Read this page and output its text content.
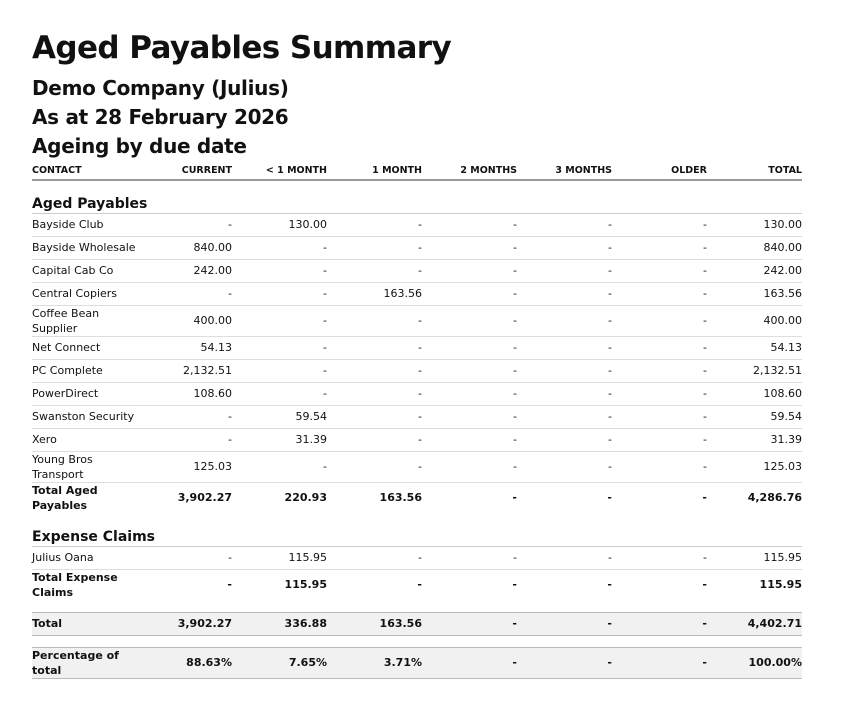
Aged Payables Summary
Demo Company (Julius)
As at 28 February 2026
Ageing by due date
CONTACT	CURRENT	< 1 MONTH	1 MONTH	2 MONTHS	3 MONTHS	OLDER	TOTAL
Aged Payables							
Bayside Club	-	130.00	-	-	-	-	130.00
Bayside Wholesale	840.00	-	-	-	-	-	840.00
Capital Cab Co	242.00	-	-	-	-	-	242.00
Central Copiers	-	-	163.56	-	-	-	163.56
Coffee Bean Supplier	400.00	-	-	-	-	-	400.00
Net Connect	54.13	-	-	-	-	-	54.13
PC Complete	2,132.51	-	-	-	-	-	2,132.51
PowerDirect	108.60	-	-	-	-	-	108.60
Swanston Security	-	59.54	-	-	-	-	59.54
Xero	-	31.39	-	-	-	-	31.39
Young Bros Transport	125.03	-	-	-	-	-	125.03
Total Aged Payables	3,902.27	220.93	163.56	-	-	-	4,286.76
Expense Claims							
Julius Oana	-	115.95	-	-	-	-	115.95
Total Expense Claims	-	115.95	-	-	-	-	115.95

Total	3,902.27	336.88	163.56	-	-	-	4,402.71

Percentage of total	88.63%	7.65%	3.71%	-	-	-	100.00%
